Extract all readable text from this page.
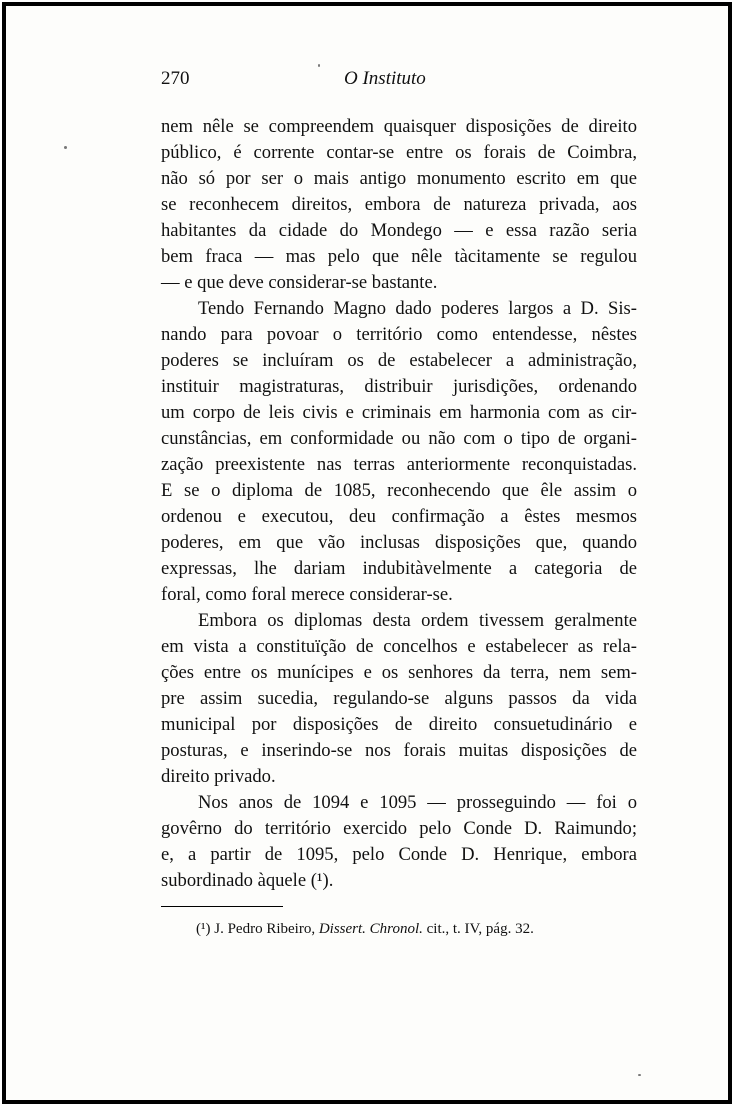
270	O Instituto
nem nêle se compreendem quaisquer disposições de direito
público, é corrente contar-se entre os forais de Coimbra,
não só por ser o mais antigo monumento escrito em que
se reconhecem direitos, embora de natureza privada, aos
habitantes da cidade do Mondego — e essa razão seria
bem fraca — mas pelo que nêle tàcitamente se regulou
— e que deve considerar-se bastante.
Tendo Fernando Magno dado poderes largos a D. Sis-
nando para povoar o território como entendesse, nêstes
poderes se incluíram os de estabelecer a administração,
instituir magistraturas, distribuir jurisdições, ordenando
um corpo de leis civis e criminais em harmonia com as cir-
cunstâncias, em conformidade ou não com o tipo de organi-
zação preexistente nas terras anteriormente reconquistadas.
E se o diploma de 1085, reconhecendo que êle assim o
ordenou e executou, deu confirmação a êstes mesmos
poderes, em que vão inclusas disposições que, quando
expressas, lhe dariam indubitàvelmente a categoria de
foral, como foral merece considerar-se.
Embora os diplomas desta ordem tivessem geralmente
em vista a constituïção de concelhos e estabelecer as rela-
ções entre os munícipes e os senhores da terra, nem sem-
pre assim sucedia, regulando-se alguns passos da vida
municipal por disposições de direito consuetudinário e
posturas, e inserindo-se nos forais muitas disposições de
direito privado.
Nos anos de 1094 e 1095 — prosseguindo — foi o
govêrno do território exercido pelo Conde D. Raimundo;
e, a partir de 1095, pelo Conde D. Henrique, embora
subordinado àquele (¹).
(¹) J. Pedro Ribeiro, Dissert. Chronol. cit., t. IV, pág. 32.
